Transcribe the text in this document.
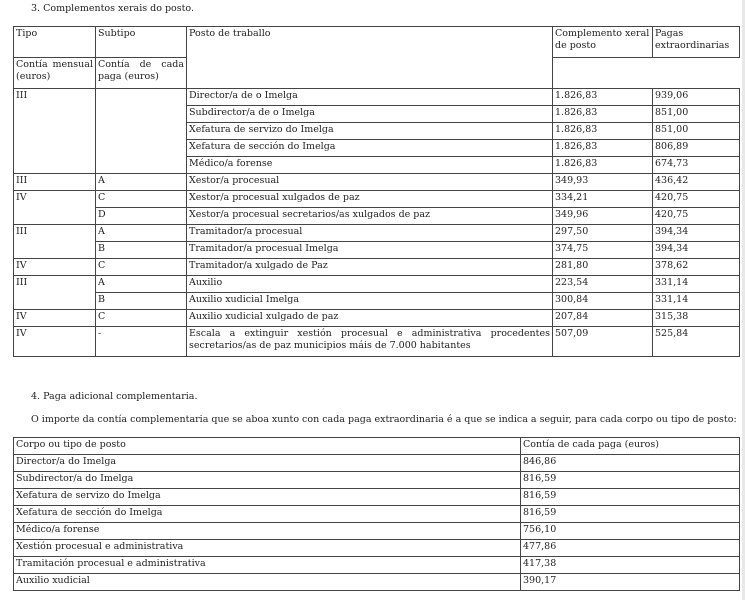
3. Complementos xerais do posto.
Tipo	Subtipo	Posto de traballo	Complemento xeral de posto	Pagas extraordinarias
Contía mensual (euros)	Contía de cada paga (euros)			
III		Director/a de o Imelga	1.826,83	939,06
		Subdirector/a de o Imelga	1.826,83	851,00
		Xefatura de servizo do Imelga	1.826,83	851,00
		Xefatura de sección do Imelga	1.826,83	806,89
		Médico/a forense	1.826,83	674,73
III	A	Xestor/a procesual	349,93	436,42
IV	C	Xestor/a procesual xulgados de paz	334,21	420,75
	D	Xestor/a procesual secretarios/as xulgados de paz	349,96	420,75
III	A	Tramitador/a procesual	297,50	394,34
	B	Tramitador/a procesual Imelga	374,75	394,34
IV	C	Tramitador/a xulgado de Paz	281,80	378,62
III	A	Auxilio	223,54	331,14
	B	Auxilio xudicial Imelga	300,84	331,14
IV	C	Auxilio xudicial xulgado de paz	207,84	315,38
IV	-	Escala a extinguir xestión procesual e administrativa procedentes secretarios/as de paz municipios máis de 7.000 habitantes	507,09	525,84
4. Paga adicional complementaria.
O importe da contía complementaria que se aboa xunto con cada paga extraordinaria é a que se indica a seguir, para cada corpo ou tipo de posto:
Corpo ou tipo de posto	Contía de cada paga (euros)
Director/a do Imelga	846,86
Subdirector/a do Imelga	816,59
Xefatura de servizo do Imelga	816,59
Xefatura de sección do Imelga	816,59
Médico/a forense	756,10
Xestión procesual e administrativa	477,86
Tramitación procesual e administrativa	417,38
Auxilio xudicial	390,17
